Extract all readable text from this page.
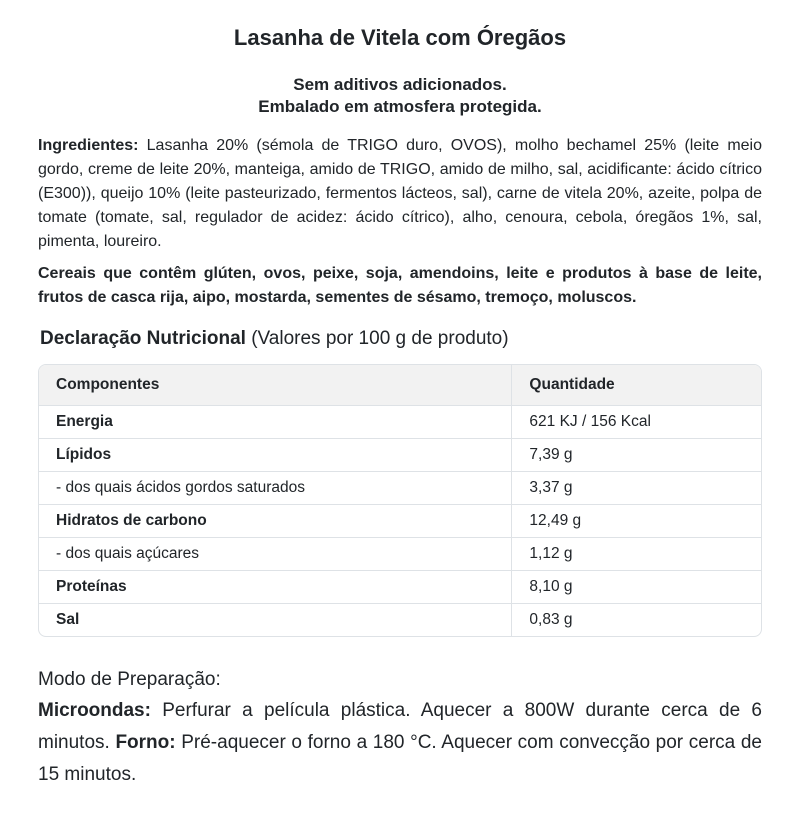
Lasanha de Vitela com Óregãos
Sem aditivos adicionados.
Embalado em atmosfera protegida.

Ingredientes: Lasanha 20% (sémola de TRIGO duro, OVOS), molho bechamel 25% (leite meio gordo, creme de leite 20%, manteiga, amido de TRIGO, amido de milho, sal, acidificante: ácido cítrico (E300)), queijo 10% (leite pasteurizado, fermentos lácteos, sal), carne de vitela 20%, azeite, polpa de tomate (tomate, sal, regulador de acidez: ácido cítrico), alho, cenoura, cebola, óregãos 1%, sal, pimenta, loureiro.

Cereais que contêm glúten, ovos, peixe, soja, amendoins, leite e produtos à base de leite, frutos de casca rija, aipo, mostarda, sementes de sésamo, tremoço, moluscos.

Declaração Nutricional (Valores por 100 g de produto)
Componentes	Quantidade
Energia	621 KJ / 156 Kcal
Lípidos	7,39 g
- dos quais ácidos gordos saturados	3,37 g
Hidratos de carbono	12,49 g
- dos quais açúcares	1,12 g
Proteínas	8,10 g
Sal	0,83 g

Modo de Preparação:

Microondas: Perfurar a película plástica. Aquecer a 800W durante cerca de 6 minutos. Forno: Pré-aquecer o forno a 180 °C. Aquecer com convecção por cerca de 15 minutos.
